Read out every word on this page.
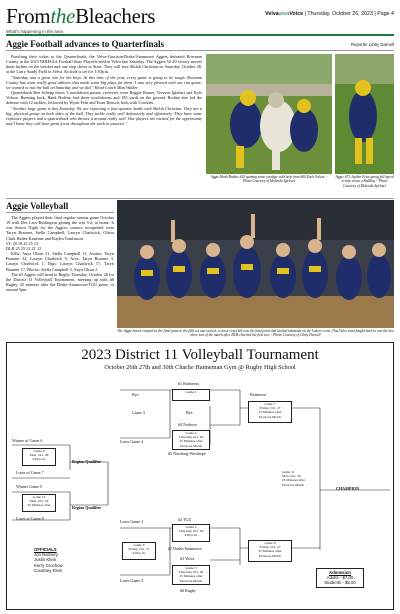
FromtheBleachers
What's happening in the area
VelvaareaVoice | Thursday, October 26, 2023 | Page 4
Aggie Football advances to Quarterfinals	Reporter Libby Darnell

Punching their ticket to the Quarterfinals, the Velva-Garrison-Drake/Anamoose Aggies defeated Bowman County in the 2023 NDHSAA Football State Playoffs held in Velva late Saturday. The Aggies 52-20 victory moves them further on the bracket and one step closer to State. They will face Shiloh Christian on Saturday, October 28, at the Larry Saady Field in Velva. Kickoff is set for 1:30p.m.

"Saturday was a great win for the boys. At this time of the year, every game is going to be tough. Bowman County has some really good athletes that made some big plays for them. I was very pleased with our run game; we wanted to run the ball on Saturday and we did." Head Coach Matt Walker.

Quarterback Ben Schepp threw 3 touchdown passes, receivers were Reggie Brauer, Treyson Iglehart and Kyle Volson. Running back, Hank Bodine, had three touchdowns and 185 yards on the ground. Bodine also led the defense with 12 tackles, followed by Wyatt Fehr and Evan Reusch, both with 5 tackles.

"Another huge game is this Saturday. We are expecting a four-quarter battle with Shiloh Christian. They are a big, physical group on both sides of the ball. They tackle really well defensively and offensively. They have some explosive players and a quarterback who throws it around really well. Our players are excited for the opportunity and I know they will have great focus throughout the week in practice."

Aggie Hank Bodine #20 gaining some yardage with help from #60 Zach Volson. - Photo Courtesy of Malynda Iglehart
Aggie #71 Jayden Fries going full speed to take down a Bulldog. - Photo Courtesy of Malynda Iglehart
Aggie Volleyball

The Aggies played their final regular season game October 19 with Des Lacs-Burlington getting the win 3-2, at home. It was Senior Night for the Aggies, seniors recognized were Taryn Brauner, Stella Campbell, Lauryn Chadwick, Olivia Clark Hailee Krumme and Kaylin Tomlinson.

VL 20 18 25 25 13

DLB 25 25 21 21 12

Kills: Anya Olson 21, Stella Campbell 11, Assists: Taryn Brauner 32, Lauryn Chadwick 9, Aces: Taryn Brauner 3, Lauryn Chadwick 1, Digs: Lauryn Chadwick 17, Taryn Brauner 17, Blocks: Stella Campbell 3, Anya Olson 2.

The #3 Aggies will head to Rugby Thursday, October 26 for the District 11 Volleyball Tournament, meeting up with #6 Rugby, 25 minutes after the Drake-Anamoose/TGU game, or around 5pm.

The Aggie bench erupted as the final point in the fifth set was scored; a cross-court kill was the final point that landed inbounds on the Lakers court. This Velva team fought back to win the last three sets of the match after DLB clinched the first two. - Photo Courtesy of Libby Darnell
2023 District 11 Volleyball Tournament
October 26th 27th and 30th Charlie Hanneman Gym @ Rugby High School
#1 Bottineau
Bye	Game 1
Game 3	Bye
#4 Nedrose
Game 4
Thursday Oct. 26
25 Minutes after
Previous Match
#5 Newburg-Westhope
Bottineau
Game 7
Friday, Oct. 27
25 Minutes after
Previous Match
Loser Game 4
Winner of Game 6
Game 9
Mon. Oct. 30
4:00 p.m.	Region Qualifier
Loser of Game 7
Winner Game 5
Game 10
Mon. Oct. 30
25 Minutes after	Region Qualifier
Loser of Game 8
Game 11
Mon. Oct. 30
25 Minutes after
Previous Match
CHAMPION
#2 TGU
Loser Game 2
Game 2
Thursday Oct. 26
4:00 p.m.
Game 6
Friday, Oct. 27
4:00 p.m.
#7 Drake/Anamoose
#3 Velva
Game 8
Friday, Oct. 27
25 Minutes after
Previous Match
Game 3
Thursday Oct. 26
25 Minutes after
Previous Match
Loser Game 3
#6 Rugby
OFFICIALS
Jon Ramsey
Justin Klein
Kerry Grochow
Courtney Klein	Admission
Adults - $7.00
Students - $5.00
